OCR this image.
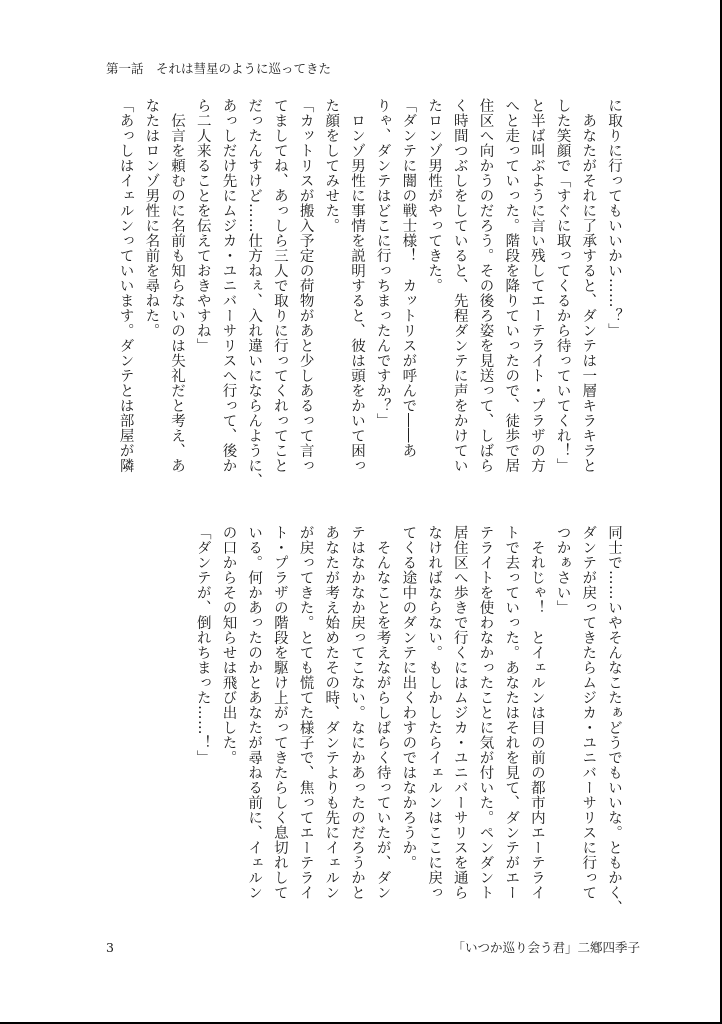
第一話　それは彗星のように巡ってきた
に取りに行ってもいいかい……？」
　あなたがそれに了承すると、ダンテは一層キラキラと
した笑顔で「すぐに取ってくるから待っていてくれ！」
と半ば叫ぶように言い残してエーテライト・プラザの方
へと走っていった。階段を降りていったので、徒歩で居
住区へ向かうのだろう。その後ろ姿を見送って、しばら
く時間つぶしをしていると、先程ダンテに声をかけてい
たロンゾ男性がやってきた。
「ダンテに闇の戦士様！　カットリスが呼んで――あ
りゃ、ダンテはどこに行っちまったんですか？」
　ロンゾ男性に事情を説明すると、彼は頭をかいて困っ
た顔をしてみせた。
「カットリスが搬入予定の荷物があと少しあるって言っ
てましてね、あっしら三人で取りに行ってくれってこと
だったんすけど……仕方ねぇ、入れ違いにならんように、
あっしだけ先にムジカ・ユニバーサリスへ行って、後か
ら二人来ることを伝えておきやすね」
　伝言を頼むのに名前も知らないのは失礼だと考え、あ
なたはロンゾ男性に名前を尋ねた。
「あっしはイェルンっていいます。ダンテとは部屋が隣
同士で……いやそんなこたぁどうでもいいな。ともかく、
ダンテが戻ってきたらムジカ・ユニバーサリスに行って
つかぁさい」
　それじゃ！　とイェルンは目の前の都市内エーテライ
トで去っていった。あなたはそれを見て、ダンテがエー
テライトを使わなかったことに気が付いた。ペンダント
居住区へ歩きで行くにはムジカ・ユニバーサリスを通ら
なければならない。もしかしたらイェルンはここに戻っ
てくる途中のダンテに出くわすのではなかろうか。
　そんなことを考えながらしばらく待っていたが、ダン
テはなかなか戻ってこない。なにかあったのだろうかと
あなたが考え始めたその時、ダンテよりも先にイェルン
が戻ってきた。とても慌てた様子で、焦ってエーテライ
ト・プラザの階段を駆け上がってきたらしく息切れして
いる。何かあったのかとあなたが尋ねる前に、イェルン
の口からその知らせは飛び出した。
「ダンテが、倒れちまった……！」
3	「いつか巡り会う君」二鄕四季子
